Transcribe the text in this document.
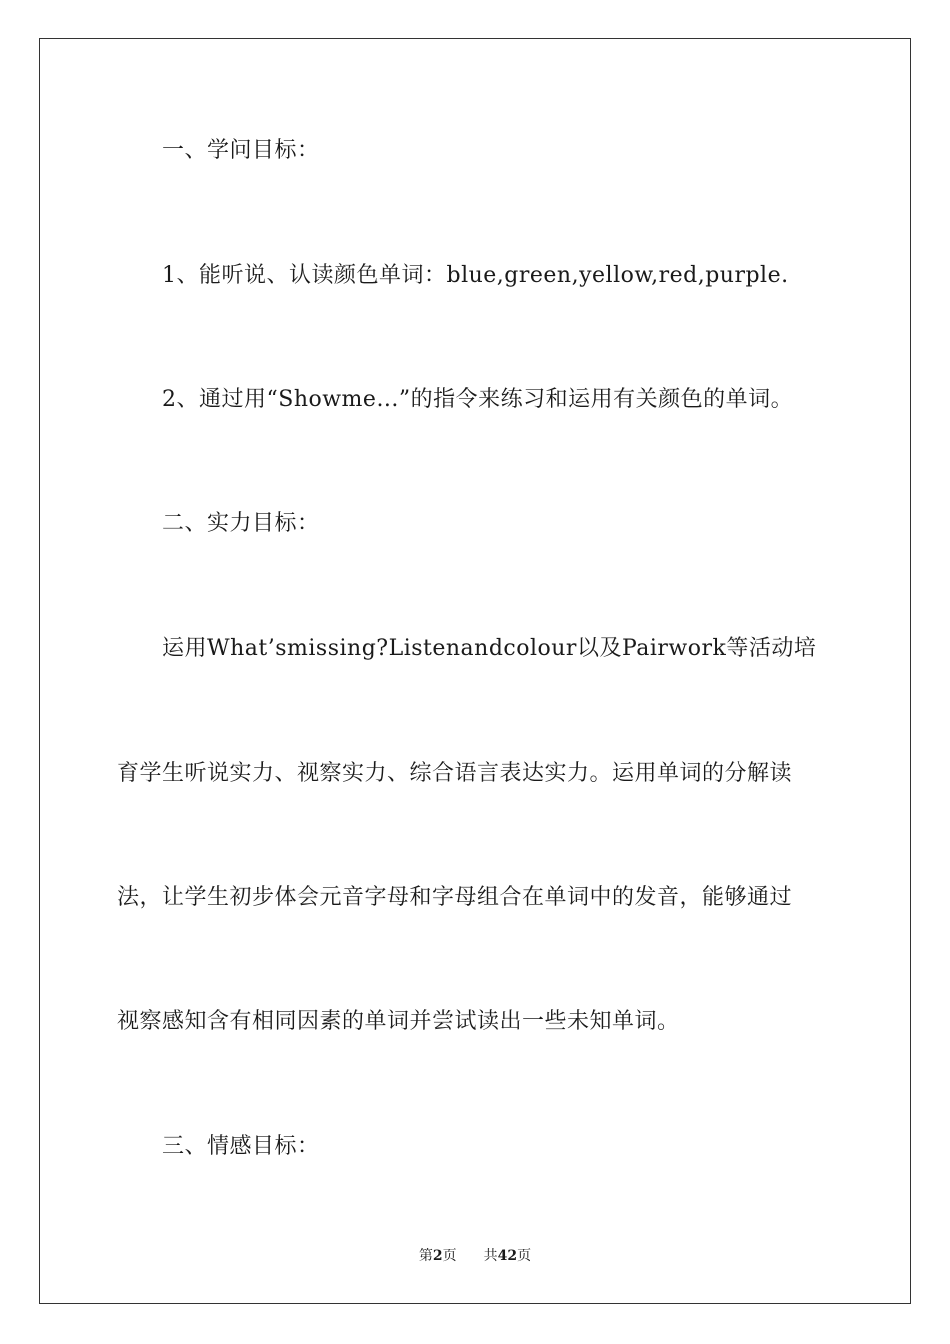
一、学问目标：
1、能听说、认读颜色单词：blue,green,yellow,red,purple.
2、通过用“Showme...”的指令来练习和运用有关颜色的单词。
二、实力目标：
运用What’smissing?Listenandcolour以及Pairwork等活动培
育学生听说实力、视察实力、综合语言表达实力。运用单词的分解读
法，让学生初步体会元音字母和字母组合在单词中的发音，能够通过
视察感知含有相同因素的单词并尝试读出一些未知单词。
三、情感目标：
第2页 共42页
